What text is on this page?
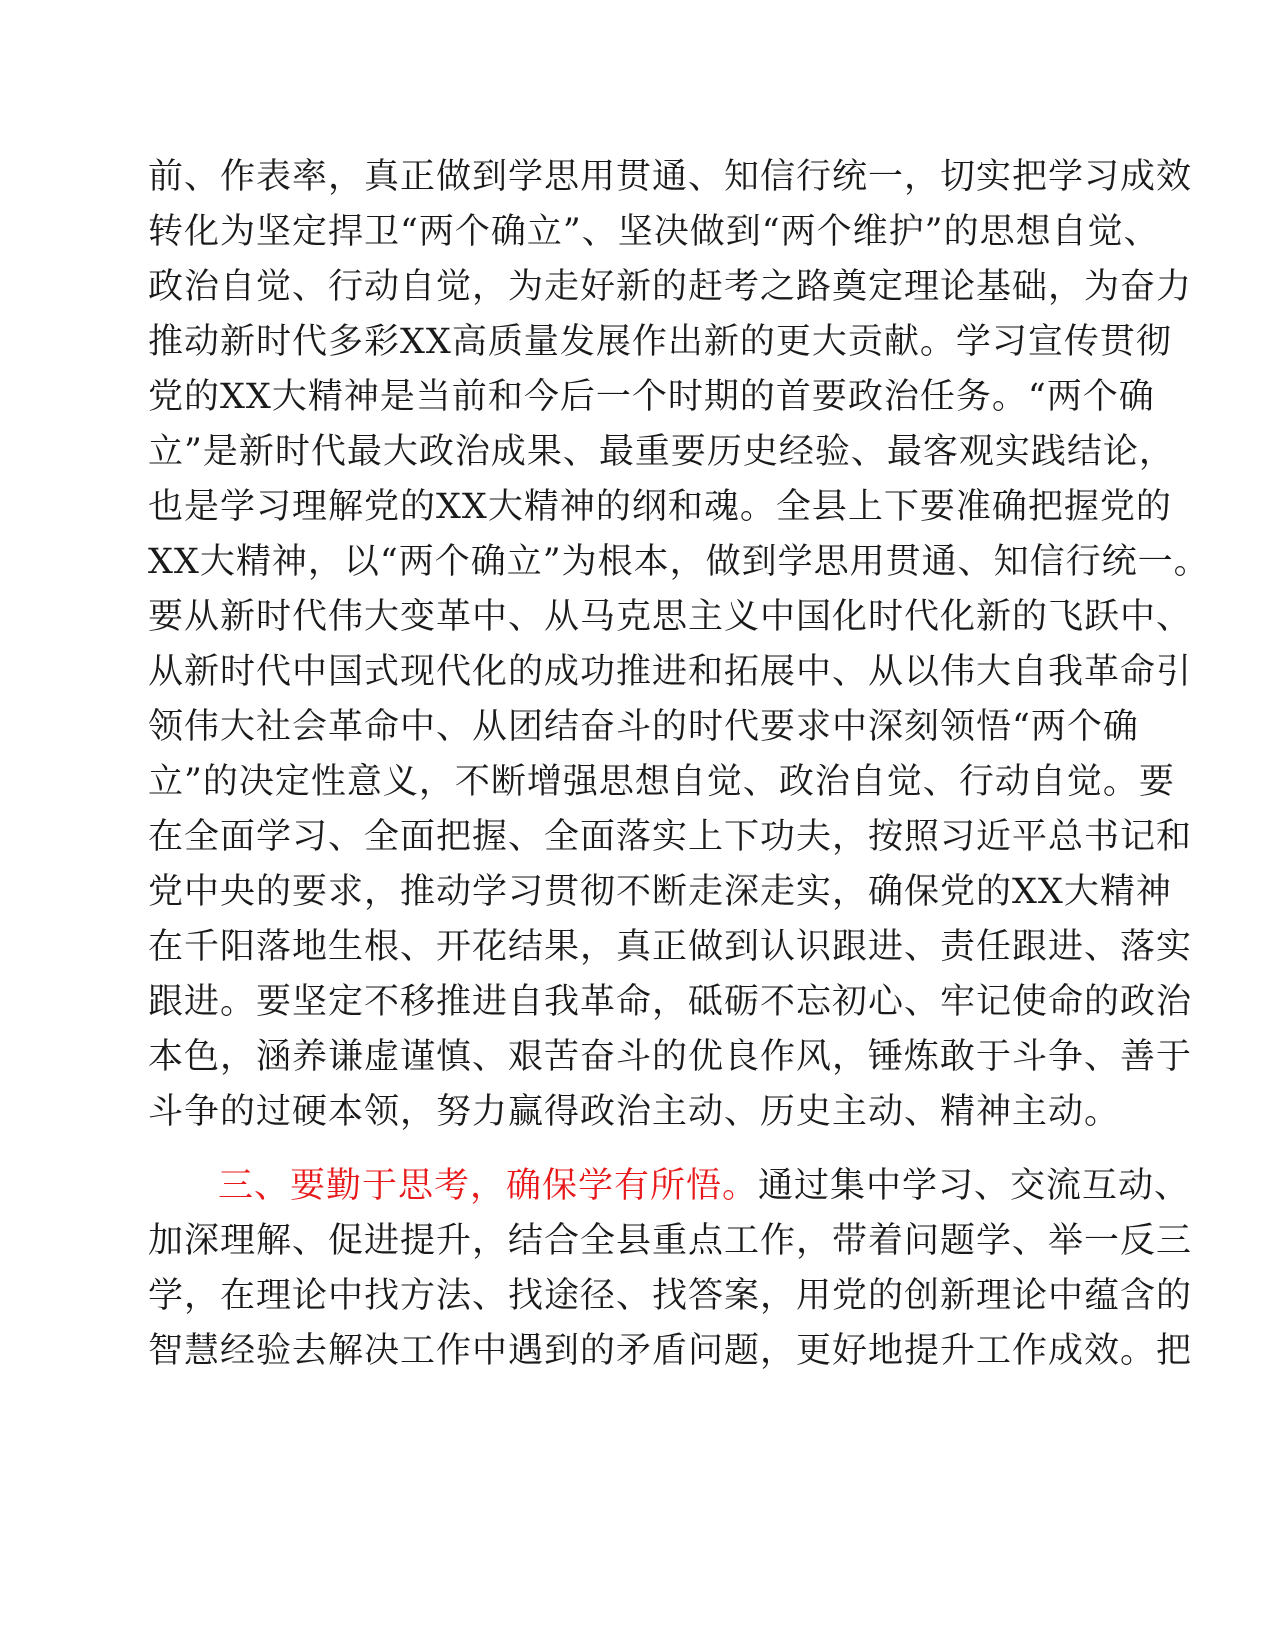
前、作表率，真正做到学思用贯通、知信行统一，切实把学习成效
转化为坚定捍卫“两个确立”、坚决做到“两个维护”的思想自觉、
政治自觉、行动自觉，为走好新的赶考之路奠定理论基础，为奋力
推动新时代多彩XX高质量发展作出新的更大贡献。学习宣传贯彻
党的XX大精神是当前和今后一个时期的首要政治任务。“两个确
立”是新时代最大政治成果、最重要历史经验、最客观实践结论，
也是学习理解党的XX大精神的纲和魂。全县上下要准确把握党的
XX大精神，以“两个确立”为根本，做到学思用贯通、知信行统一。
要从新时代伟大变革中、从马克思主义中国化时代化新的飞跃中、
从新时代中国式现代化的成功推进和拓展中、从以伟大自我革命引
领伟大社会革命中、从团结奋斗的时代要求中深刻领悟“两个确
立”的决定性意义，不断增强思想自觉、政治自觉、行动自觉。要
在全面学习、全面把握、全面落实上下功夫，按照习近平总书记和
党中央的要求，推动学习贯彻不断走深走实，确保党的XX大精神
在千阳落地生根、开花结果，真正做到认识跟进、责任跟进、落实
跟进。要坚定不移推进自我革命，砥砺不忘初心、牢记使命的政治
本色，涵养谦虚谨慎、艰苦奋斗的优良作风，锤炼敢于斗争、善于
斗争的过硬本领，努力赢得政治主动、历史主动、精神主动。
三、要勤于思考，确保学有所悟。通过集中学习、交流互动、
加深理解、促进提升，结合全县重点工作，带着问题学、举一反三
学，在理论中找方法、找途径、找答案，用党的创新理论中蕴含的
智慧经验去解决工作中遇到的矛盾问题，更好地提升工作成效。把
